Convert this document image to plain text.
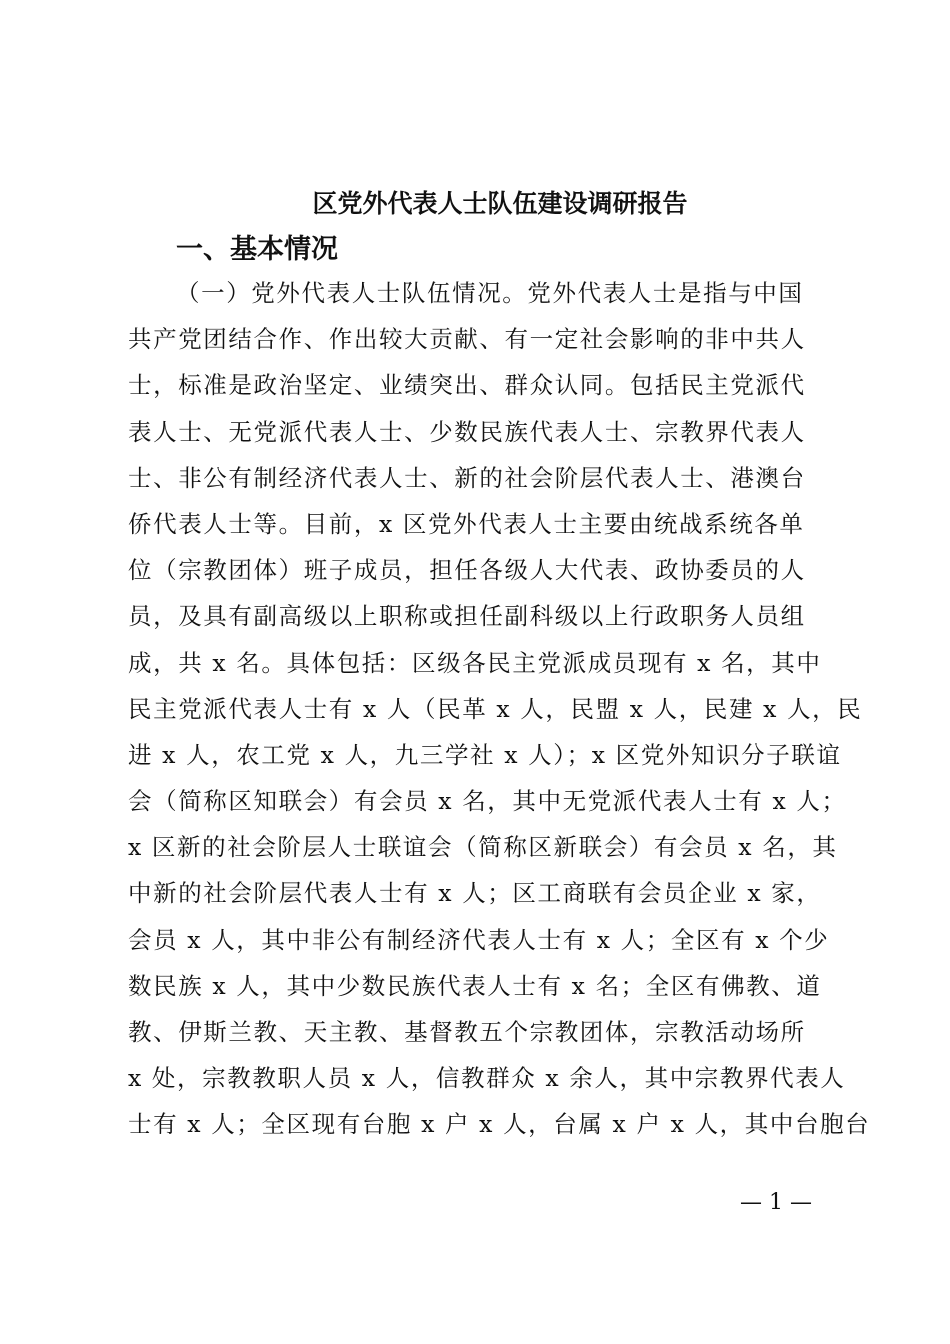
区党外代表人士队伍建设调研报告
一、基本情况
（一）党外代表人士队伍情况。党外代表人士是指与中国
共产党团结合作、作出较大贡献、有一定社会影响的非中共人
士，标准是政治坚定、业绩突出、群众认同。包括民主党派代
表人士、无党派代表人士、少数民族代表人士、宗教界代表人
士、非公有制经济代表人士、新的社会阶层代表人士、港澳台
侨代表人士等。目前，x 区党外代表人士主要由统战系统各单
位（宗教团体）班子成员，担任各级人大代表、政协委员的人
员，及具有副高级以上职称或担任副科级以上行政职务人员组
成，共 x 名。具体包括：区级各民主党派成员现有 x 名，其中
民主党派代表人士有 x 人（民革 x 人，民盟 x 人，民建 x 人，民
进 x 人，农工党 x 人，九三学社 x 人）；x 区党外知识分子联谊
会（简称区知联会）有会员 x 名，其中无党派代表人士有 x 人；
x 区新的社会阶层人士联谊会（简称区新联会）有会员 x 名，其
中新的社会阶层代表人士有 x 人；区工商联有会员企业 x 家，
会员 x 人，其中非公有制经济代表人士有 x 人；全区有 x 个少
数民族 x 人，其中少数民族代表人士有 x 名；全区有佛教、道
教、伊斯兰教、天主教、基督教五个宗教团体，宗教活动场所
x 处，宗教教职人员 x 人，信教群众 x 余人，其中宗教界代表人
士有 x 人；全区现有台胞 x 户 x 人，台属 x 户 x 人，其中台胞台
— 1 —
